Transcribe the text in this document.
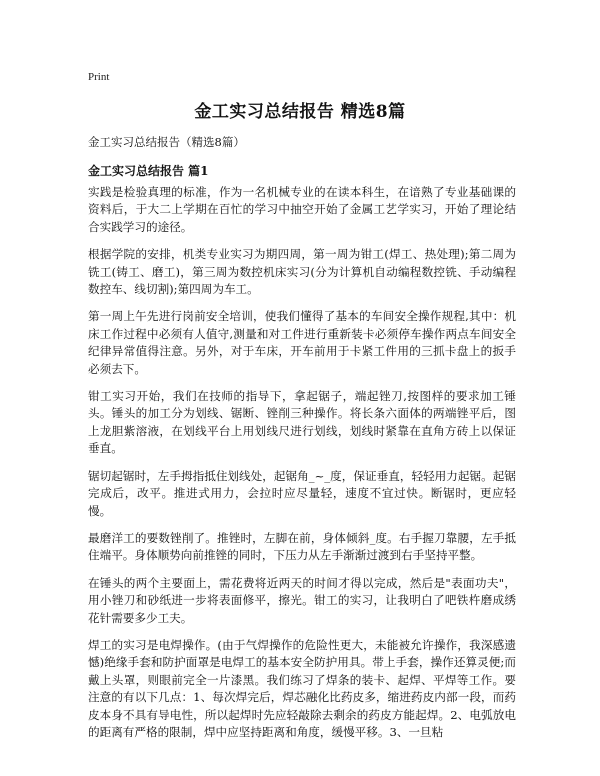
Print
金工实习总结报告 精选8篇
金工实习总结报告（精选8篇）
金工实习总结报告 篇1

实践是检验真理的标准，作为一名机械专业的在读本科生，在谙熟了专业基础课的资料后，于大二上学期在百忙的学习中抽空开始了金属工艺学实习，开始了理论结合实践学习的途径。

根据学院的安排，机类专业实习为期四周，第一周为钳工(焊工、热处理);第二周为铣工(铸工、磨工)，第三周为数控机床实习(分为计算机自动编程数控铣、手动编程数控车、线切割);第四周为车工。

第一周上午先进行岗前安全培训，使我们懂得了基本的车间安全操作规程,其中：机床工作过程中必须有人值守,测量和对工件进行重新装卡必须停车操作两点车间安全纪律异常值得注意。另外，对于车床，开车前用于卡紧工件用的三抓卡盘上的扳手必须去下。

钳工实习开始，我们在技师的指导下，拿起锯子，端起锉刀,按图样的要求加工锤头。锤头的加工分为划线、锯断、锉削三种操作。将长条六面体的两端锉平后，图上龙胆紫溶液，在划线平台上用划线尺进行划线，划线时紧靠在直角方砖上以保证垂直。

锯切起锯时，左手拇指抵住划线处，起锯角_~_度，保证垂直，轻轻用力起锯。起锯完成后，改平。推进式用力，会拉时应尽量轻，速度不宜过快。断锯时，更应轻慢。

最磨洋工的要数锉削了。推锉时，左脚在前，身体倾斜_度。右手握刀靠腰，左手抵住端平。身体顺势向前推锉的同时，下压力从左手渐渐过渡到右手坚持平整。

在锤头的两个主要面上，需花费将近两天的时间才得以完成，然后是"表面功夫"，用小锉刀和砂纸进一步将表面修平，擦光。钳工的实习，让我明白了吧铁杵磨成绣花针需要多少工夫。

焊工的实习是电焊操作。(由于气焊操作的危险性更大，未能被允许操作，我深感遗憾)绝缘手套和防护面罩是电焊工的基本安全防护用具。带上手套，操作还算灵便;而戴上头罩，则眼前完全一片漆黑。我们练习了焊条的装卡、起焊、平焊等工作。要注意的有以下几点：1、每次焊完后，焊芯融化比药皮多，缩进药皮内部一段，而药皮本身不具有导电性，所以起焊时先应轻敲除去剩余的药皮方能起焊。2、电弧放电的距离有严格的限制，焊中应坚持距离和角度，缓慢平移。3、一旦粘
